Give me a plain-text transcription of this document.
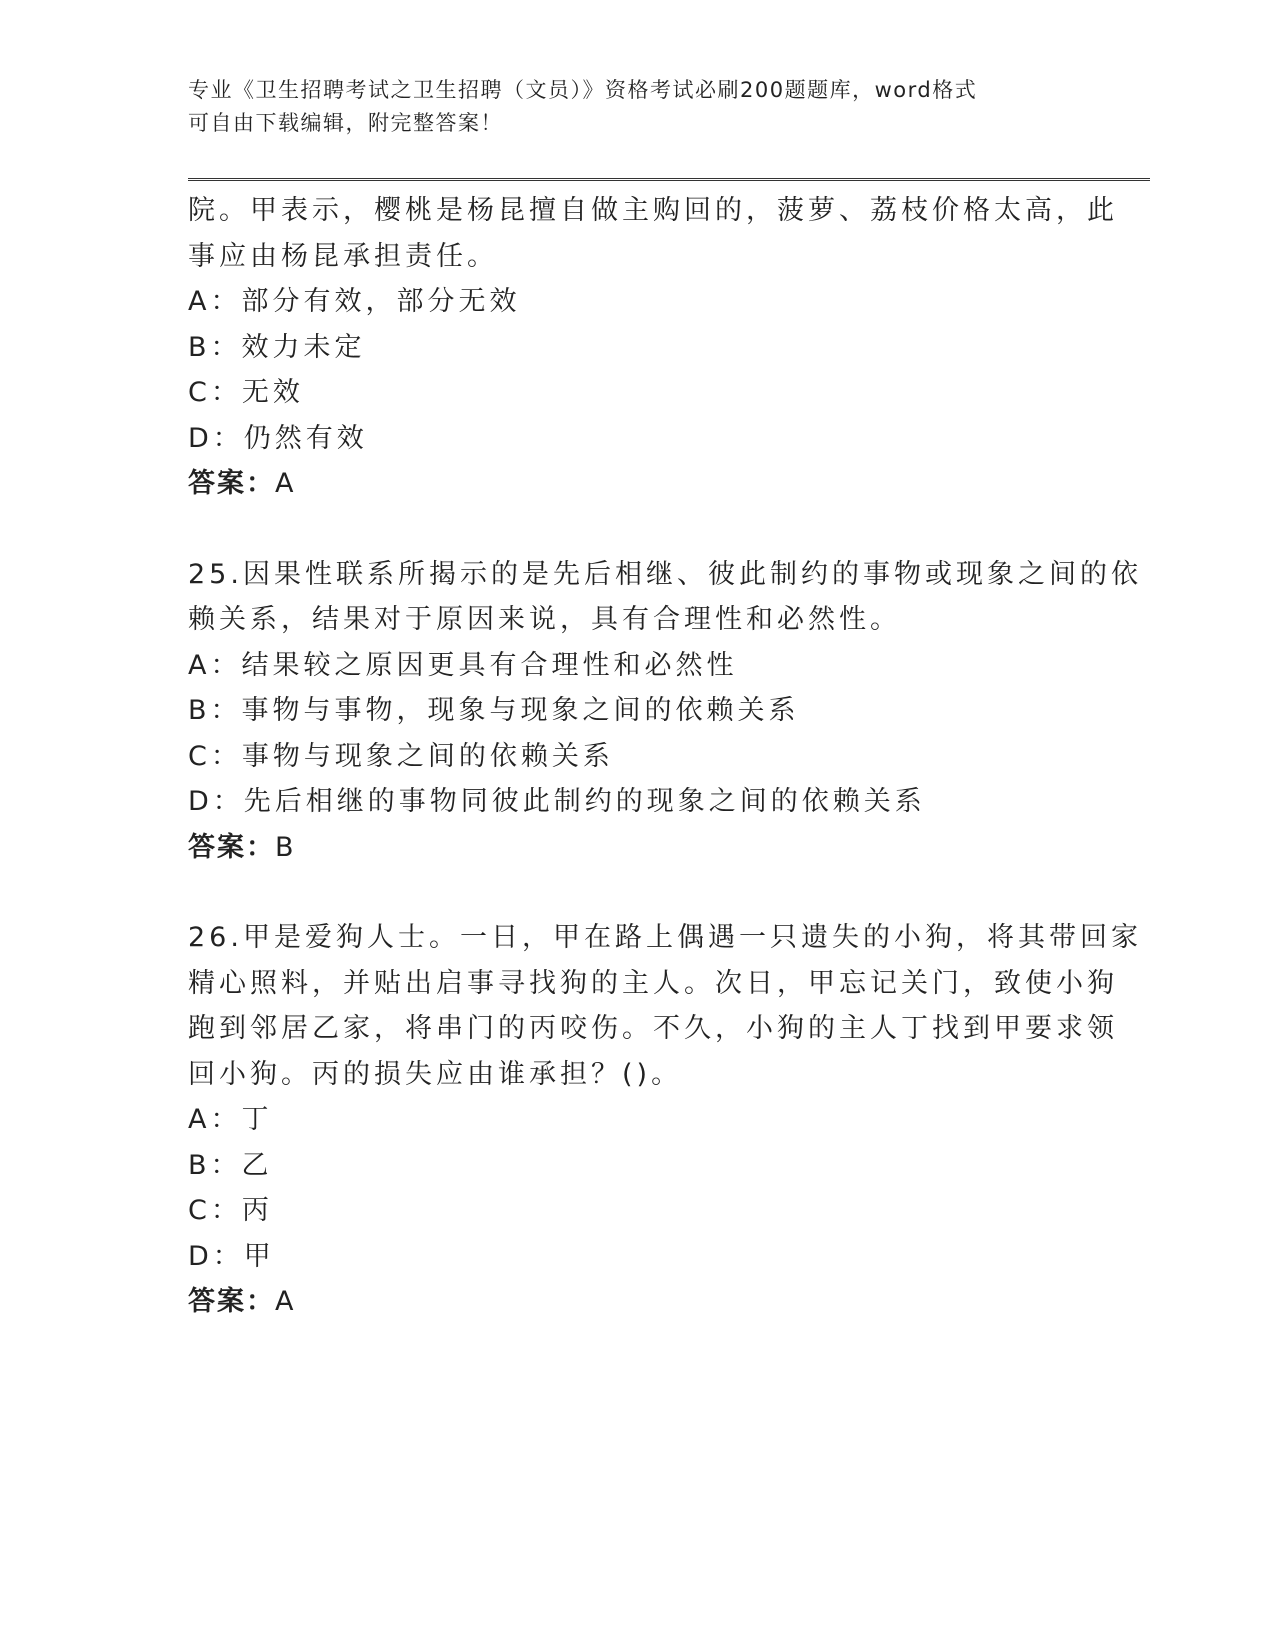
专业《卫生招聘考试之卫生招聘（文员）》资格考试必刷200题题库，word格式
可自由下载编辑，附完整答案！
院。甲表示，樱桃是杨昆擅自做主购回的，菠萝、荔枝价格太高，此
事应由杨昆承担责任。
A：部分有效，部分无效
B：效力未定
C：无效
D：仍然有效
答案：A
25.因果性联系所揭示的是先后相继、彼此制约的事物或现象之间的依
赖关系，结果对于原因来说，具有合理性和必然性。
A：结果较之原因更具有合理性和必然性
B：事物与事物，现象与现象之间的依赖关系
C：事物与现象之间的依赖关系
D：先后相继的事物同彼此制约的现象之间的依赖关系
答案：B
26.甲是爱狗人士。一日，甲在路上偶遇一只遗失的小狗，将其带回家
精心照料，并贴出启事寻找狗的主人。次日，甲忘记关门，致使小狗
跑到邻居乙家，将串门的丙咬伤。不久，小狗的主人丁找到甲要求领
回小狗。丙的损失应由谁承担？()。
A：丁
B：乙
C：丙
D：甲
答案：A
